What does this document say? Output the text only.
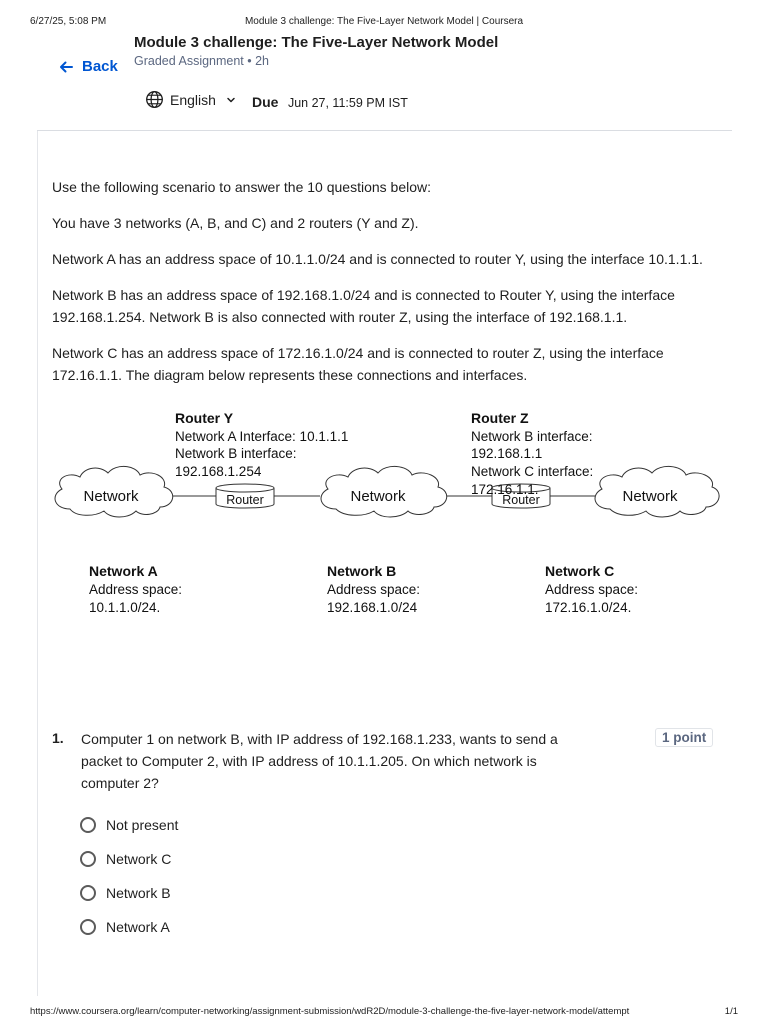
6/27/25, 5:08 PM	Module 3 challenge: The Five-Layer Network Model | Coursera
Back
Module 3 challenge: The Five-Layer Network Model
Graded Assignment • 2h
English	Due Jun 27, 11:59 PM IST

Use the following scenario to answer the 10 questions below:

You have 3 networks (A, B, and C) and 2 routers (Y and Z).

Network A has an address space of 10.1.1.0/24 and is connected to router Y, using the interface 10.1.1.1.

Network B has an address space of 192.168.1.0/24 and is connected to Router Y, using the interface 192.168.1.254. Network B is also connected with router Z, using the interface of 192.168.1.1.

Network C has an address space of 172.16.1.0/24 and is connected to router Z, using the interface 172.16.1.1. The diagram below represents these connections and interfaces.

Network	Router	Network	Router	Network
Router Y
Network A Interface: 10.1.1.1
Network B interface:
192.168.1.254
Router Z
Network B interface:
192.168.1.1
Network C interface:
172.16.1.1.
Network A
Address space:
10.1.1.0/24.
Network B
Address space:
192.168.1.0/24
Network C
Address space:
172.16.1.0/24.
1. Computer 1 on network B, with IP address of 192.168.1.233, wants to send a packet to Computer 2, with IP address of 10.1.1.205. On which network is computer 2?
1 point
Not present
Network C
Network B
Network A
https://www.coursera.org/learn/computer-networking/assignment-submission/wdR2D/module-3-challenge-the-five-layer-network-model/attempt	1/1
